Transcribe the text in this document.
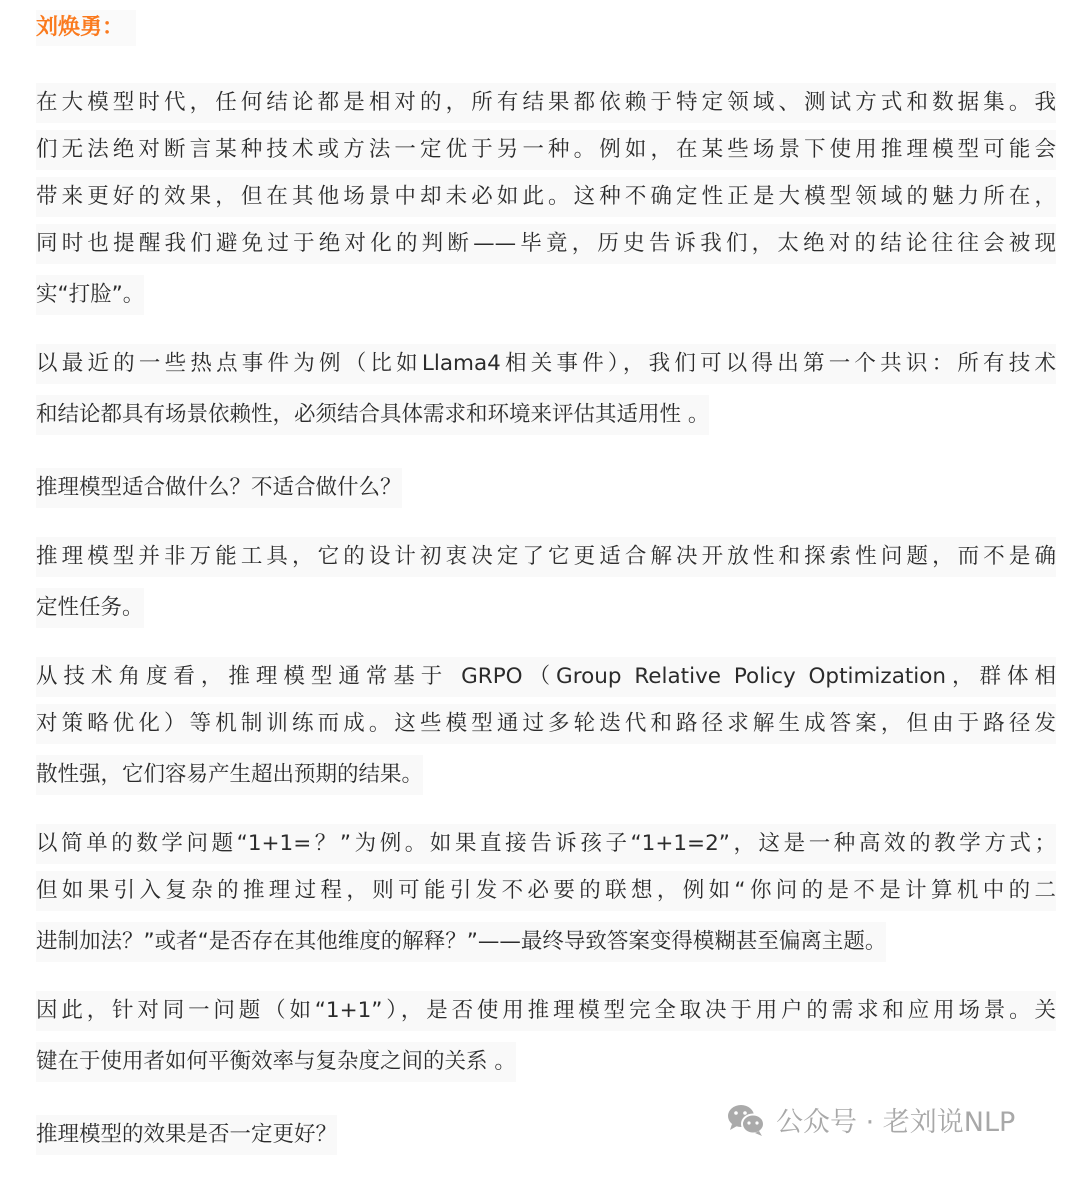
刘焕勇：
在大模型时代，任何结论都是相对的，所有结果都依赖于特定领域、测试方式和数据集。我
们无法绝对断言某种技术或方法一定优于另一种。例如，在某些场景下使用推理模型可能会
带来更好的效果，但在其他场景中却未必如此。这种不确定性正是大模型领域的魅力所在，
同时也提醒我们避免过于绝对化的判断——毕竟，历史告诉我们，太绝对的结论往往会被现
实“打脸”。
以最近的一些热点事件为例（比如Llama4相关事件），我们可以得出第一个共识：所有技术
和结论都具有场景依赖性，必须结合具体需求和环境来评估其适用性 。
推理模型适合做什么？不适合做什么？
推理模型并非万能工具，它的设计初衷决定了它更适合解决开放性和探索性问题，而不是确
定性任务。
从技术角度看，推理模型通常基于 GRPO（Group Relative Policy Optimization，群体相
对策略优化）等机制训练而成。这些模型通过多轮迭代和路径求解生成答案，但由于路径发
散性强，它们容易产生超出预期的结果。
以简单的数学问题“1+1=？”为例。如果直接告诉孩子“1+1=2”，这是一种高效的教学方式；
但如果引入复杂的推理过程，则可能引发不必要的联想，例如“你问的是不是计算机中的二
进制加法？”或者“是否存在其他维度的解释？”——最终导致答案变得模糊甚至偏离主题。
因此，针对同一问题（如“1+1”），是否使用推理模型完全取决于用户的需求和应用场景。关
键在于使用者如何平衡效率与复杂度之间的关系 。
推理模型的效果是否一定更好？	公众号 · 老刘说NLP
